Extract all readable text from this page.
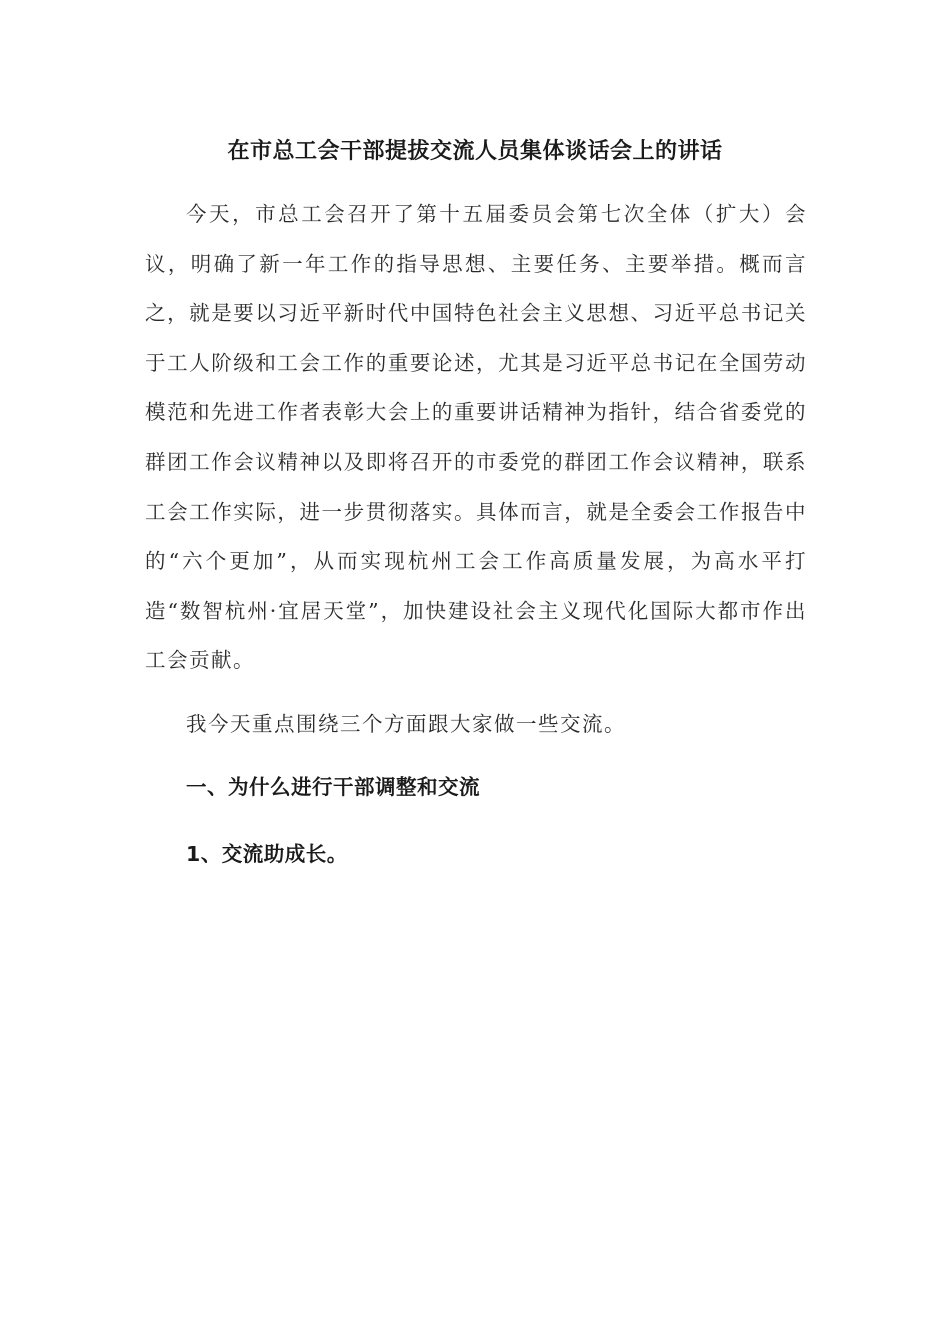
在市总工会干部提拔交流人员集体谈话会上的讲话

今天，市总工会召开了第十五届委员会第七次全体（扩大）会议，明确了新一年工作的指导思想、主要任务、主要举措。概而言之，就是要以习近平新时代中国特色社会主义思想、习近平总书记关于工人阶级和工会工作的重要论述，尤其是习近平总书记在全国劳动模范和先进工作者表彰大会上的重要讲话精神为指针，结合省委党的群团工作会议精神以及即将召开的市委党的群团工作会议精神，联系工会工作实际，进一步贯彻落实。具体而言，就是全委会工作报告中的“六个更加”，从而实现杭州工会工作高质量发展，为高水平打造“数智杭州·宜居天堂”，加快建设社会主义现代化国际大都市作出工会贡献。

我今天重点围绕三个方面跟大家做一些交流。

一、为什么进行干部调整和交流

1、交流助成长。
